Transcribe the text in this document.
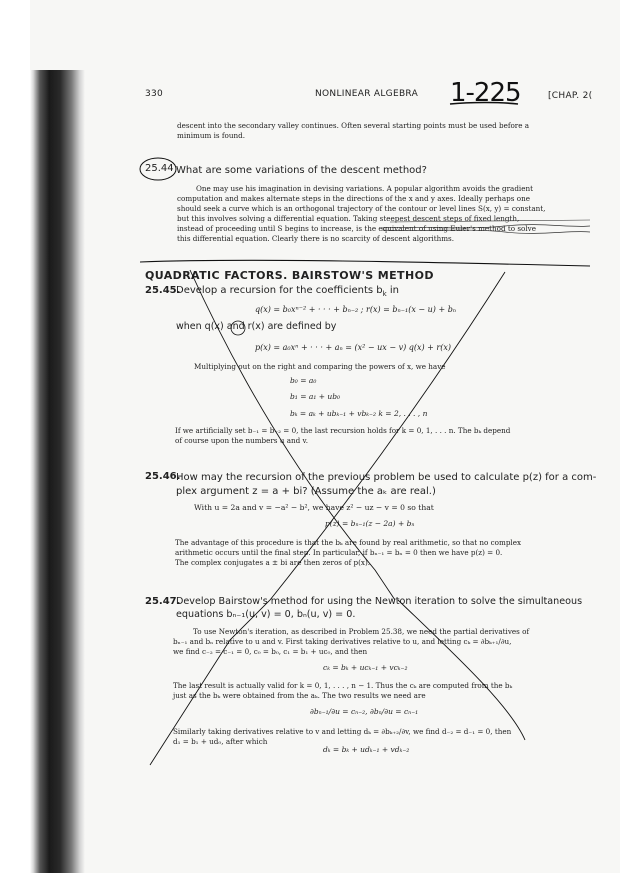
330	NONLINEAR ALGEBRA 1-225	[CHAP. 2(
descent into the secondary valley continues. Often several starting points must be used before a
minimum is found.
25.44 What are some variations of the descent method?
One may use his imagination in devising variations. A popular algorithm avoids the gradient
computation and makes alternate steps in the directions of the x and y axes. Ideally perhaps one
should seek a curve which is an orthogonal trajectory of the contour or level lines S(x, y) = constant,
but this involves solving a differential equation. Taking steepest descent steps of fixed length,
instead of proceeding until S begins to increase, is the equivalent of using Euler's method to solve
this differential equation. Clearly there is no scarcity of descent algorithms.
QUADRATIC FACTORS. BAIRSTOW'S METHOD
25.45.
Develop a recursion for the coefficients $b_k$ in
q(x) = b₀xⁿ⁻² + · · · + bₙ₋₂ ; r(x) = bₙ₋₁(x − u) + bₙ
when q(x) and r(x) are defined by
p(x) = a₀xⁿ + · · · + aₙ = (x² − ux − v) q(x) + r(x)
Multiplying out on the right and comparing the powers of x, we have
b₀ = a₀
b₁ = a₁ + ub₀
bₖ = aₖ + ubₖ₋₁ + vbₖ₋₂ k = 2, . . . , n
If we artificially set b₋₁ = b₋₂ = 0, the last recursion holds for k = 0, 1, . . . n. The bₖ depend
of course upon the numbers u and v.
25.46.
How may the recursion of the previous problem be used to calculate p(z) for a com-
plex argument z = a + bi? (Assume the aₖ are real.)
With u = 2a and v = −a² − b², we have z² − uz − v = 0 so that
p(z) = bₙ₋₁(z − 2a) + bₙ
The advantage of this procedure is that the bₖ are found by real arithmetic, so that no complex
arithmetic occurs until the final step. In particular, if bₙ₋₁ = bₙ = 0 then we have p(z) = 0.
The complex conjugates a ± bi are then zeros of p(x).
25.47.
Develop Bairstow's method for using the Newton iteration to solve the simultaneous
equations bₙ₋₁(u, v) = 0, bₙ(u, v) = 0.
To use Newton's iteration, as described in Problem 25.38, we need the partial derivatives of
bₙ₋₁ and bₙ relative to u and v. First taking derivatives relative to u, and letting cₖ = ∂bₖ₊₁/∂u,
we find c₋₂ = c₋₁ = 0, c₀ = b₀, c₁ = b₁ + uc₀, and then
cₖ = bₖ + ucₖ₋₁ + vcₖ₋₂
The last result is actually valid for k = 0, 1, . . . , n − 1. Thus the cₖ are computed from the bₖ
just as the bₖ were obtained from the aₖ. The two results we need are
∂bₙ₋₁/∂u = cₙ₋₂, ∂bₙ/∂u = cₙ₋₁
Similarly taking derivatives relative to v and letting dₖ = ∂bₖ₊₂/∂v, we find d₋₂ = d₋₁ = 0, then
d₁ = b₁ + ud₀, after which
dₖ = bₖ + udₖ₋₁ + vdₖ₋₂
